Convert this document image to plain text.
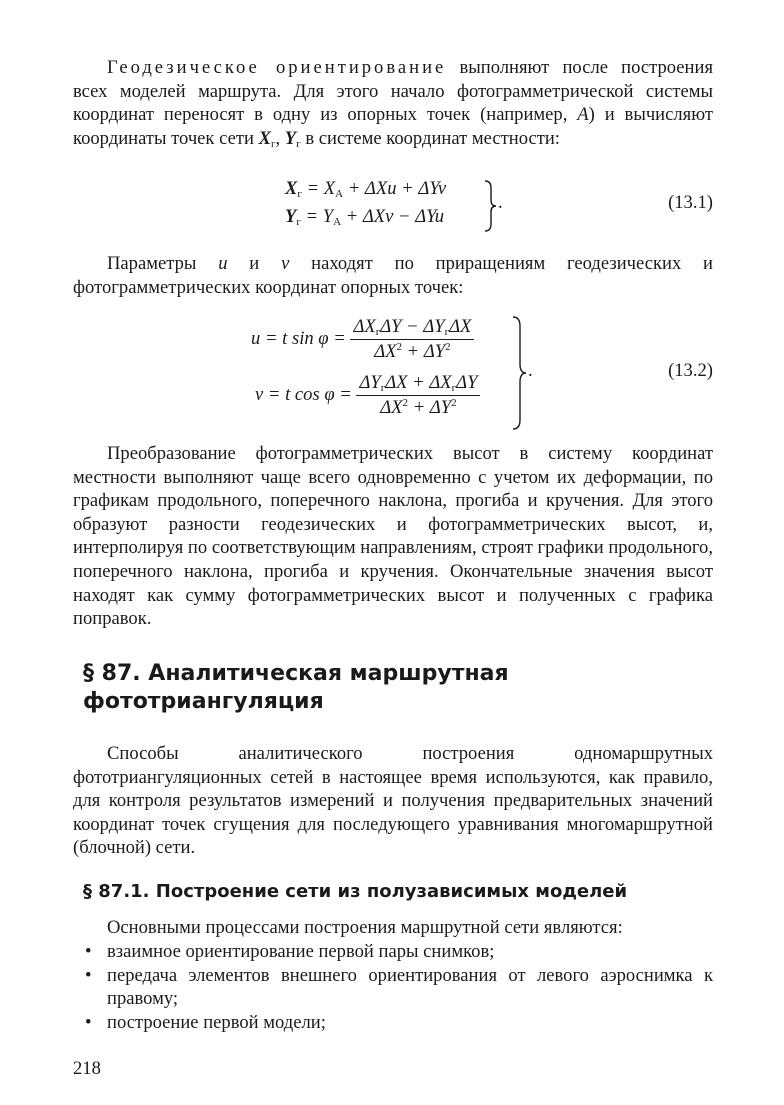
Геодезическое ориентирование выполняют после построения всех моделей маршрута. Для этого начало фотограмметрической системы координат переносят в одну из опорных точек (например, A) и вычисляют координаты точек сети $X_г$, $Y_г$ в системе координат местности:

$X_г = X_A + \Delta Xu + \Delta Yv$
$Y_г = Y_A + \Delta Xv - \Delta Yu$
.	(13.1)

Параметры u и v находят по приращениям геодезических и фотограмметрических координат опорных точек:

u = t $\sin \varphi = \frac{\Delta X_г\Delta Y - \Delta Y_г\Delta X}{\Delta X^2 + \Delta Y^2}$
v = t $\cos \varphi = \frac{\Delta Y_г\Delta X + \Delta X_г\Delta Y}{\Delta X^2 + \Delta Y^2}$
.	(13.2)

Преобразование фотограмметрических высот в систему координат местности выполняют чаще всего одновременно с учетом их деформации, по графикам продольного, поперечного наклона, прогиба и кручения. Для этого образуют разности геодезических и фотограмметрических высот, и, интерполируя по соответствующим направлениям, строят графики продольного, поперечного наклона, прогиба и кручения. Окончательные значения высот находят как сумму фотограмметрических высот и полученных с графика поправок.

§ 87. Аналитическая маршрутная
фототриангуляция

Способы аналитического построения одномаршрутных фототриангуляционных сетей в настоящее время используются, как правило, для контроля результатов измерений и получения предварительных значений координат точек сгущения для последующего уравнивания многомаршрутной (блочной) сети.

§ 87.1. Построение сети из полузависимых моделей

Основными процессами построения маршрутной сети являются:

• взаимное ориентирование первой пары снимков;
• передача элементов внешнего ориентирования от левого аэроснимка к правому;
• построение первой модели;
218
